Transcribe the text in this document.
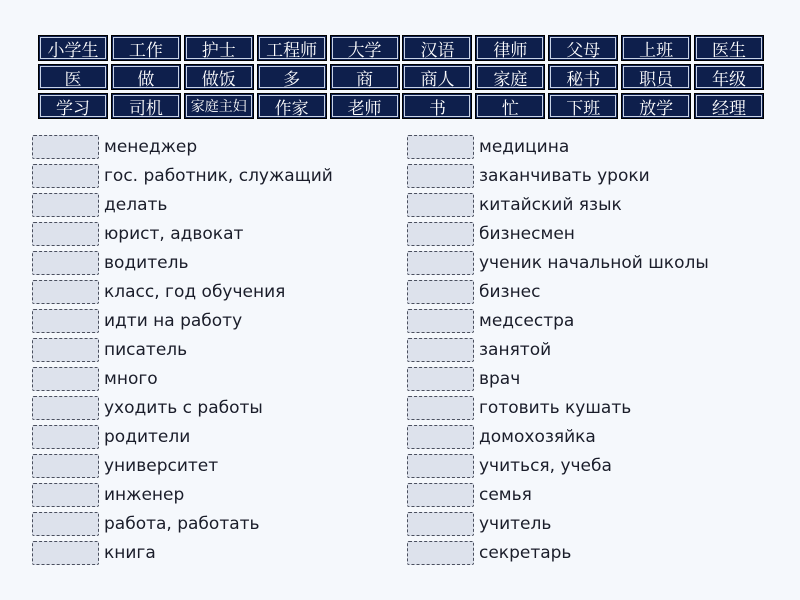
小学生	工作	护士	工程师	大学	汉语	律师	父母	上班	医生
医	做	做饭	多	商	商人	家庭	秘书	职员	年级
学习	司机	家庭主妇	作家	老师	书	忙	下班	放学	经理
менеджер
гос. работник, служащий
делать
юрист, адвокат
водитель
класс, год обучения
идти на работу
писатель
много
уходить с работы
родители
университет
инженер
работа, работать
книга
медицина
заканчивать уроки
китайский язык
бизнесмен
ученик начальной школы
бизнес
медсестра
занятой
врач
готовить кушать
домохозяйка
учиться, учеба
семья
учитель
секретарь
